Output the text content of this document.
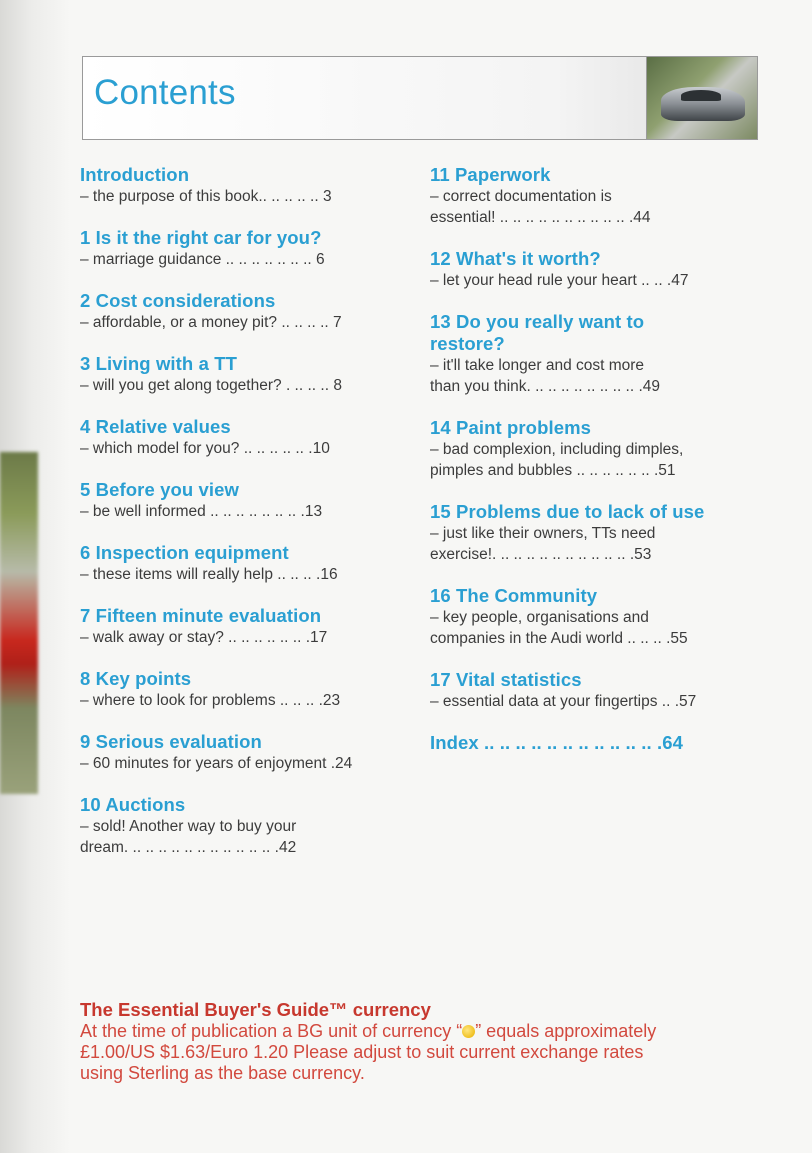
Contents
Introduction
– the purpose of this book.. .. .. .. .. 3
1 Is it the right car for you?
– marriage guidance .. .. .. .. .. .. .. 6
2 Cost considerations
– affordable, or a money pit? .. .. .. .. 7
3 Living with a TT
– will you get along together? . .. .. .. 8
4 Relative values
– which model for you? .. .. .. .. .. .10
5 Before you view
– be well informed .. .. .. .. .. .. .. .13
6 Inspection equipment
– these items will really help .. .. .. .16
7 Fifteen minute evaluation
– walk away or stay? .. .. .. .. .. .. .17
8 Key points
– where to look for problems .. .. .. .23
9 Serious evaluation
– 60 minutes for years of enjoyment .24
10 Auctions
– sold! Another way to buy your
dream. .. .. .. .. .. .. .. .. .. .. .. .42
11 Paperwork
– correct documentation is
essential! .. .. .. .. .. .. .. .. .. .. .44
12 What's it worth?
– let your head rule your heart .. .. .47
13 Do you really want to restore?
– it'll take longer and cost more
than you think. .. .. .. .. .. .. .. .. .49
14 Paint problems
– bad complexion, including dimples,
pimples and bubbles .. .. .. .. .. .. .51
15 Problems due to lack of use
– just like their owners, TTs need
exercise!. .. .. .. .. .. .. .. .. .. .. .53
16 The Community
– key people, organisations and
companies in the Audi world .. .. .. .55
17 Vital statistics
– essential data at your fingertips .. .57
Index .. .. .. .. .. .. .. .. .. .. .. .64
The Essential Buyer's Guide™ currency
At the time of publication a BG unit of currency “ ” equals approximately
£1.00/US $1.63/Euro 1.20 Please adjust to suit current exchange rates
using Sterling as the base currency.
